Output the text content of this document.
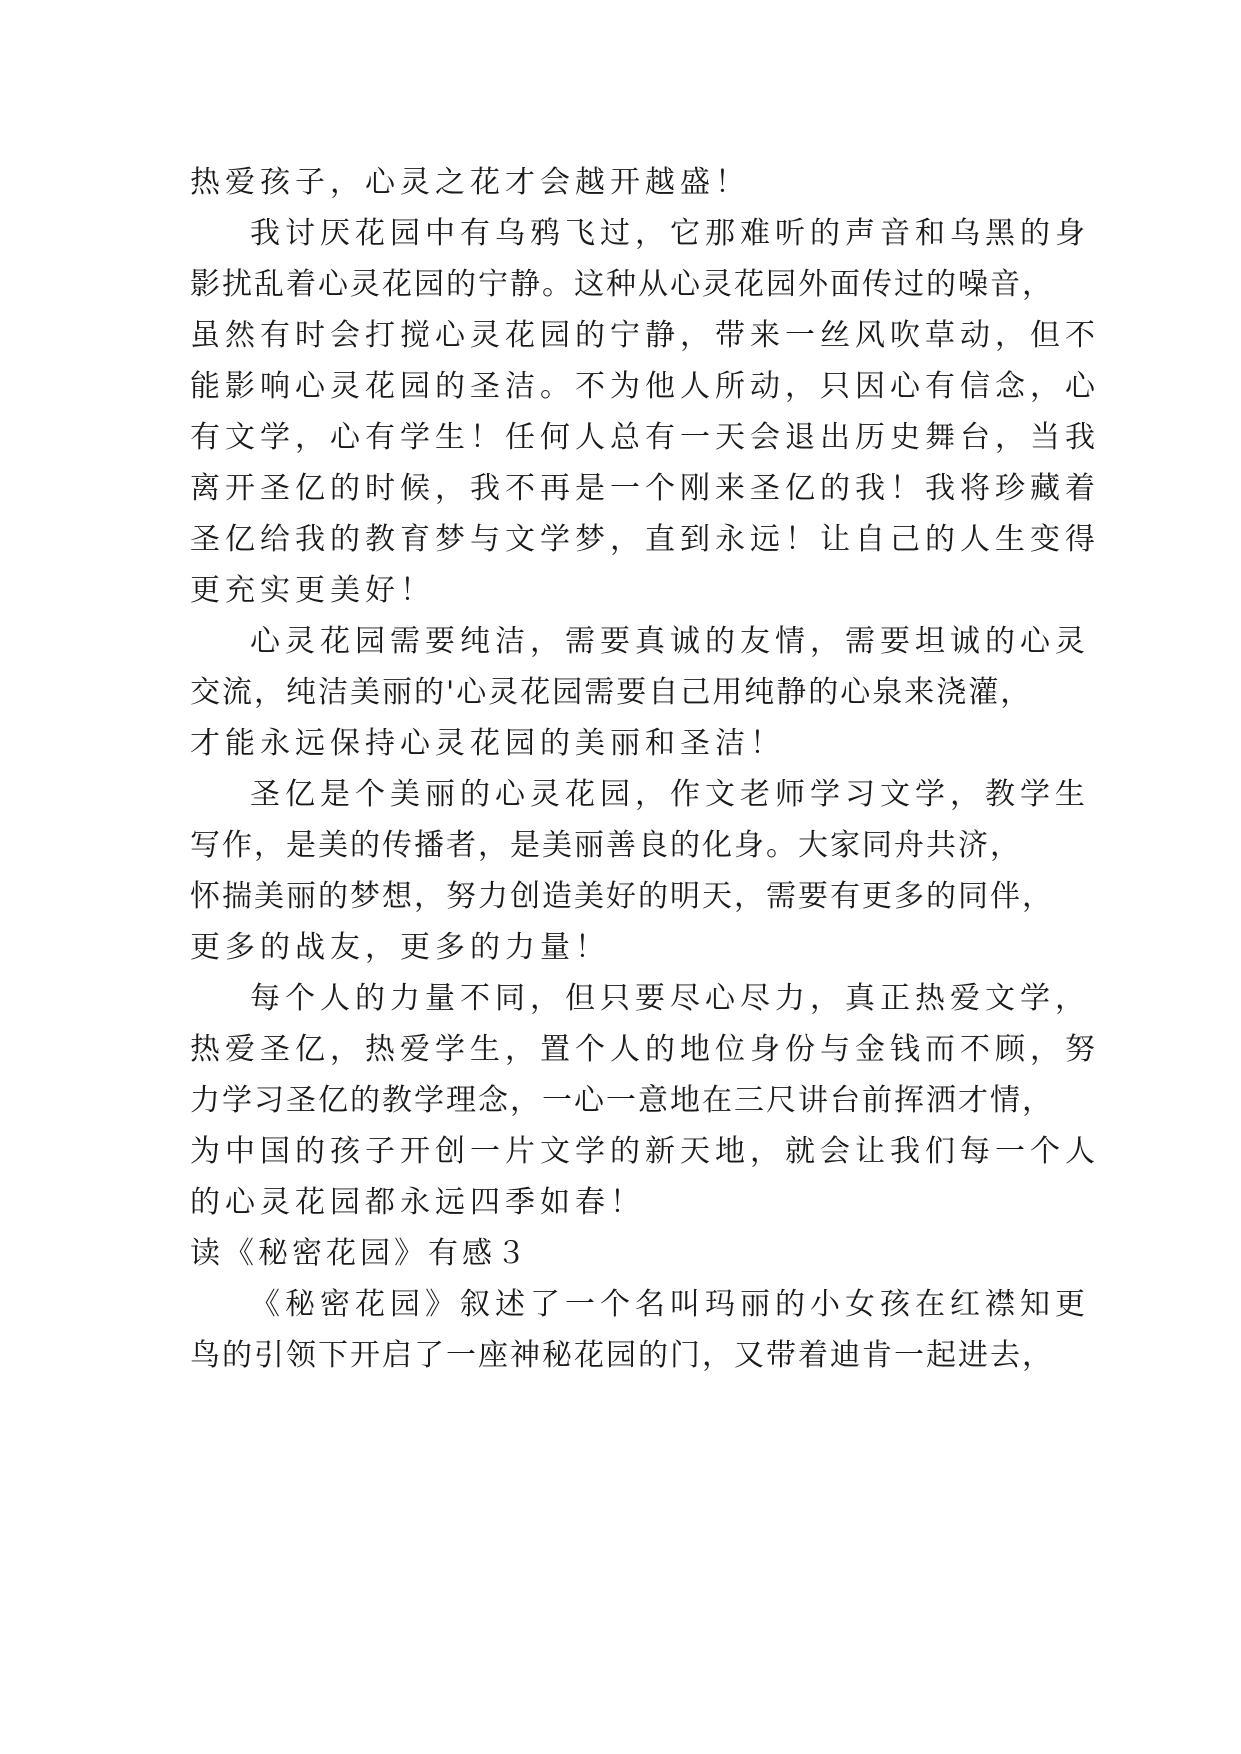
热爱孩子，心灵之花才会越开越盛！
我讨厌花园中有乌鸦飞过，它那难听的声音和乌黑的身
影扰乱着心灵花园的宁静。这种从心灵花园外面传过的噪音，
虽然有时会打搅心灵花园的宁静，带来一丝风吹草动，但不
能影响心灵花园的圣洁。不为他人所动，只因心有信念，心
有文学，心有学生！任何人总有一天会退出历史舞台，当我
离开圣亿的时候，我不再是一个刚来圣亿的我！我将珍藏着
圣亿给我的教育梦与文学梦，直到永远！让自己的人生变得
更充实更美好！
心灵花园需要纯洁，需要真诚的友情，需要坦诚的心灵
交流，纯洁美丽的'心灵花园需要自己用纯静的心泉来浇灌，
才能永远保持心灵花园的美丽和圣洁！
圣亿是个美丽的心灵花园，作文老师学习文学，教学生
写作，是美的传播者，是美丽善良的化身。大家同舟共济，
怀揣美丽的梦想，努力创造美好的明天，需要有更多的同伴，
更多的战友，更多的力量！
每个人的力量不同，但只要尽心尽力，真正热爱文学，
热爱圣亿，热爱学生，置个人的地位身份与金钱而不顾，努
力学习圣亿的教学理念，一心一意地在三尺讲台前挥洒才情，
为中国的孩子开创一片文学的新天地，就会让我们每一个人
的心灵花园都永远四季如春！
读《秘密花园》有感３
《秘密花园》叙述了一个名叫玛丽的小女孩在红襟知更
鸟的引领下开启了一座神秘花园的门，又带着迪肯一起进去，
